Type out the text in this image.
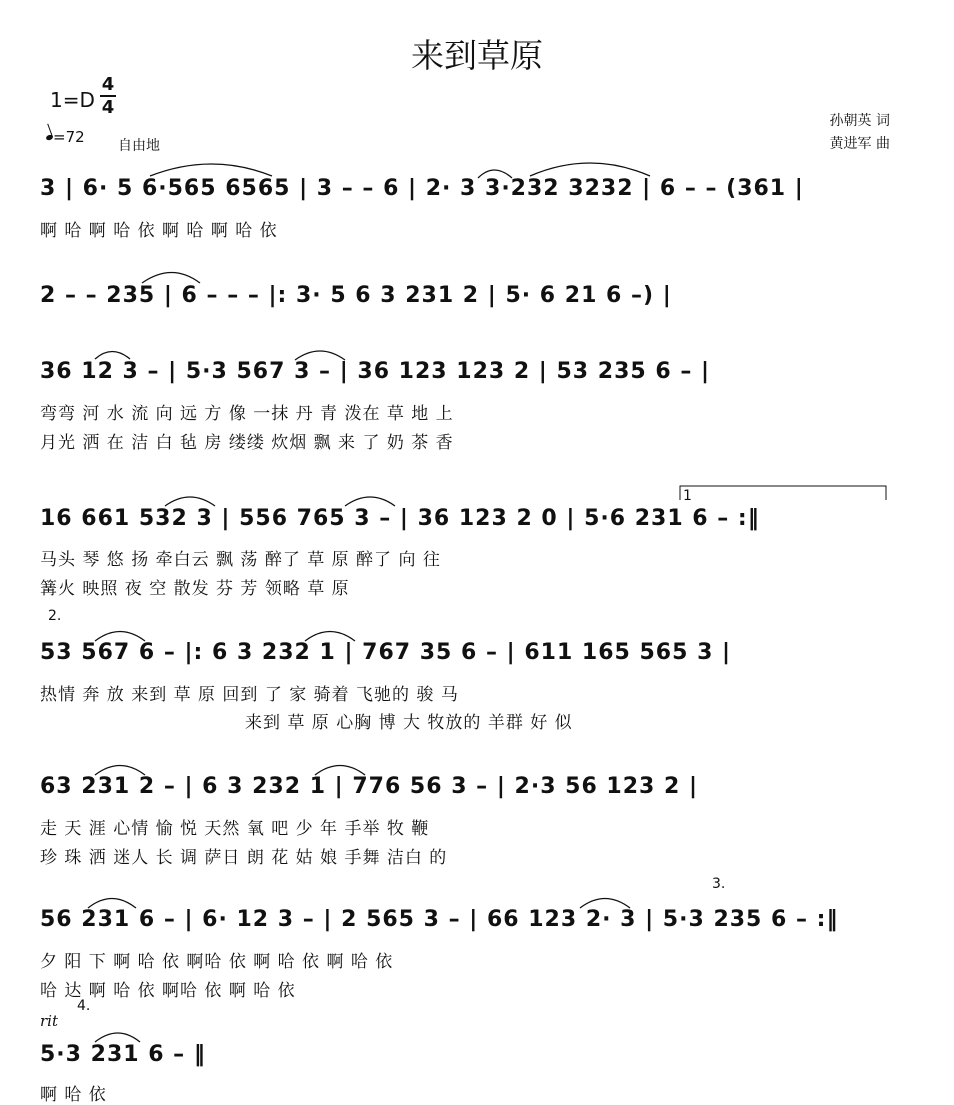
来到草原
1=D
4
4
=72 自由地
孙朝英 词
黄进军 曲
3 | 6· 5 6·565 6565 | 3 – – 6 | 2· 3 3·232 3232 | 6 – – (361 |
啊 哈 啊 哈 依 啊 哈 啊 哈 依
2 – – 235 | 6 – – – |: 3· 5 6 3 231 2 | 5· 6 21 6 –) |
36 12 3 – | 5·3 567 3 – | 36 123 123 2 | 53 235 6 – |
弯弯 河 水 流 向 远 方 像 一抹 丹 青 泼在 草 地 上
月光 洒 在 洁 白 毡 房 缕缕 炊烟 飘 来 了 奶 茶 香
1
16 661 532 3 | 556 765 3 – | 36 123 2 0 | 5·6 231 6 – :‖
马头 琴 悠 扬 牵白云 飘 荡 醉了 草 原 醉了 向 往
篝火 映照 夜 空 散发 芬 芳 领略 草 原
2.
53 567 6 – |: 6 3 232 1 | 767 35 6 – | 611 165 565 3 |
热情 奔 放 来到 草 原 回到 了 家 骑着 飞驰的 骏 马
来到 草 原 心胸 博 大 牧放的 羊群 好 似
63 231 2 – | 6 3 232 1 | 776 56 3 – | 2·3 56 123 2 |
走 天 涯 心情 愉 悦 天然 氧 吧 少 年 手举 牧 鞭
珍 珠 洒 迷人 长 调 萨日 朗 花 姑 娘 手舞 洁白 的
3.
56 231 6 – | 6· 12 3 – | 2 565 3 – | 66 123 2· 3 | 5·3 235 6 – :‖
夕 阳 下 啊 哈 依 啊哈 依 啊 哈 依 啊 哈 依
哈 达 啊 哈 依 啊哈 依 啊 哈 依
rit
4.
5·3 231 6 – ‖
啊 哈 依
